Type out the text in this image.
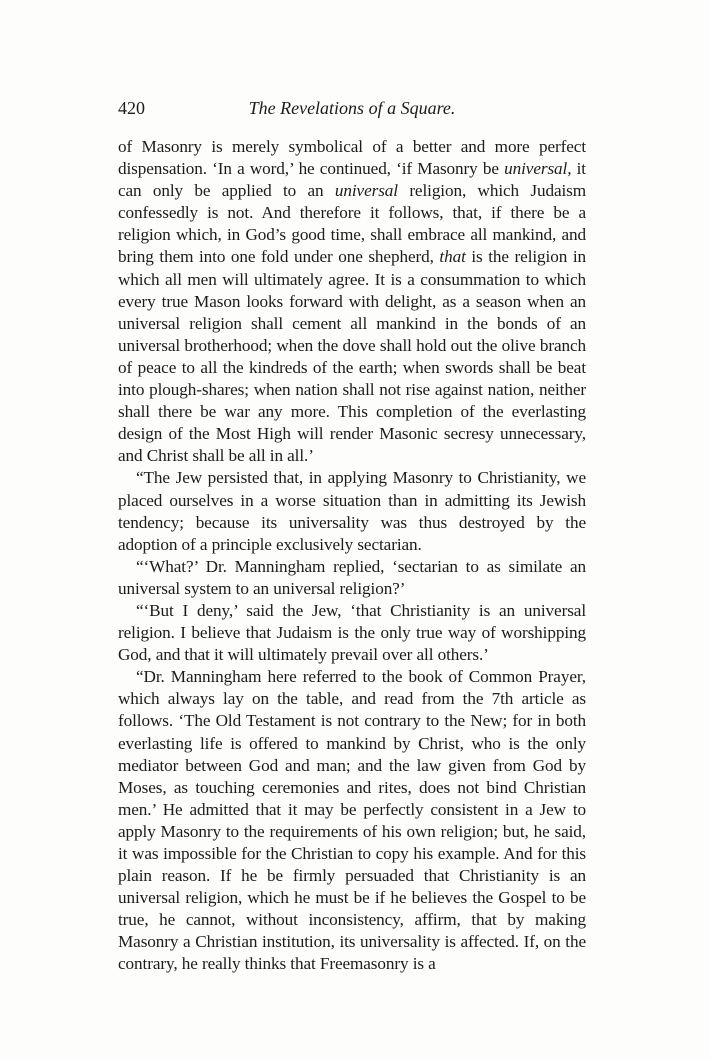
420	The Revelations of a Square.

of Masonry is merely symbolical of a better and more perfect dispensation. ‘In a word,’ he continued, ‘if Masonry be universal, it can only be applied to an universal religion, which Judaism confessedly is not. And therefore it follows, that, if there be a religion which, in God’s good time, shall embrace all mankind, and bring them into one fold under one shepherd, that is the religion in which all men will ultimately agree. It is a consummation to which every true Mason looks forward with delight, as a season when an universal religion shall cement all mankind in the bonds of an universal brotherhood; when the dove shall hold out the olive branch of peace to all the kindreds of the earth; when swords shall be beat into plough-shares; when nation shall not rise against nation, neither shall there be war any more. This completion of the everlasting design of the Most High will render Masonic secresy unnecessary, and Christ shall be all in all.’

“The Jew persisted that, in applying Masonry to Christianity, we placed ourselves in a worse situation than in admitting its Jewish tendency; because its universality was thus destroyed by the adoption of a principle exclusively sectarian.

“‘What?’ Dr. Manningham replied, ‘sectarian to as similate an universal system to an universal religion?’

“‘But I deny,’ said the Jew, ‘that Christianity is an universal religion. I believe that Judaism is the only true way of worshipping God, and that it will ultimately prevail over all others.’

“Dr. Manningham here referred to the book of Common Prayer, which always lay on the table, and read from the 7th article as follows. ‘The Old Testament is not contrary to the New; for in both everlasting life is offered to mankind by Christ, who is the only mediator between God and man; and the law given from God by Moses, as touching ceremonies and rites, does not bind Christian men.’ He admitted that it may be perfectly consistent in a Jew to apply Masonry to the requirements of his own religion; but, he said, it was impossible for the Christian to copy his example. And for this plain reason. If he be firmly persuaded that Christianity is an universal religion, which he must be if he believes the Gospel to be true, he cannot, without inconsistency, affirm, that by making Masonry a Christian institution, its universality is affected. If, on the contrary, he really thinks that Freemasonry is a
